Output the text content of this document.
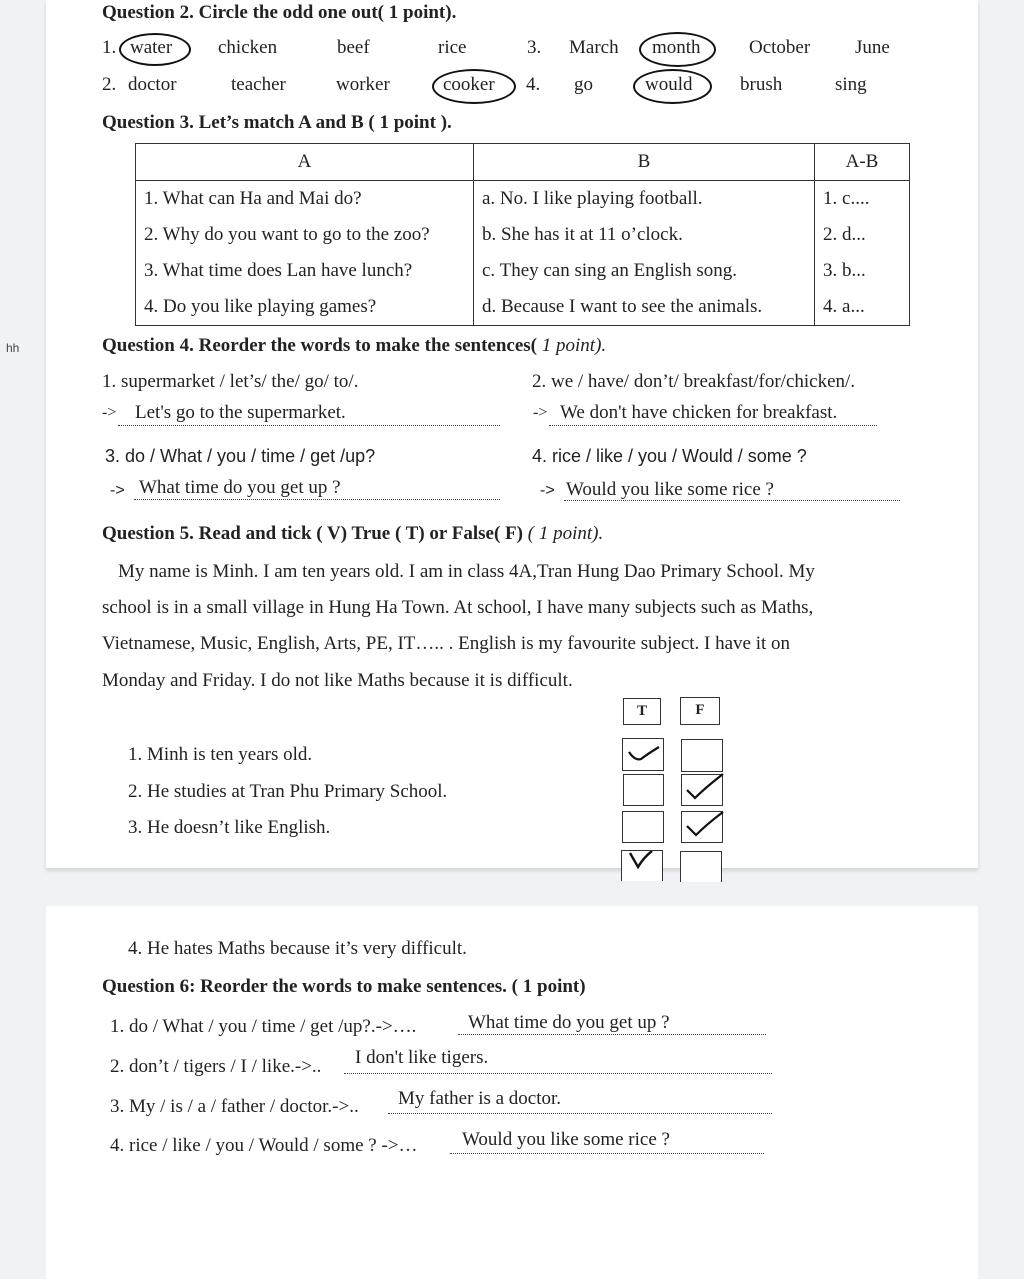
hh
Question 2. Circle the odd one out( 1 point).
1. water chicken	beef	rice	3. March month	October June
2. doctor	teacher	worker	cooker 4. go	would	brush	sing
Question 3. Let’s match A and B ( 1 point ).
A	B	A-B
1. What can Ha and Mai do?	a. No. I like playing football.	1. c....
2. Why do you want to go to the zoo?	b. She has it at 11 o’clock.	2. d...
3. What time does Lan have lunch?	c. They can sing an English song.	3. b...
4. Do you like playing games?	d. Because I want to see the animals.	4. a...
Question 4. Reorder the words to make the sentences( 1 point).
1. supermarket / let’s/ the/ go/ to/.	2. we / have/ don’t/ breakfast/for/chicken/.
-> Let's go to the supermarket.	-> We don't have chicken for breakfast.
3. do / What / you / time / get /up?	4. rice / like / you / Would / some ?
-> What time do you get up ?	-> Would you like some rice ?
Question 5. Read and tick ( V) True ( T) or False( F) ( 1 point).
My name is Minh. I am ten years old. I am in class 4A,Tran Hung Dao Primary School. My
school is in a small village in Hung Ha Town. At school, I have many subjects such as Maths,
Vietnamese, Music, English, Arts, PE, IT….. . English is my favourite subject. I have it on
Monday and Friday. I do not like Maths because it is difficult.
T	F
1. Minh is ten years old.
2. He studies at Tran Phu Primary School.
3. He doesn’t like English.
4. He hates Maths because it’s very difficult.
Question 6: Reorder the words to make sentences. ( 1 point)
1. do / What / you / time / get /up?.->….	What time do you get up ?
2. don’t / tigers / I / like.->.. I don't like tigers.
3. My / is / a / father / doctor.->.. My father is a doctor.
4. rice / like / you / Would / some ? ->… Would you like some rice ?
